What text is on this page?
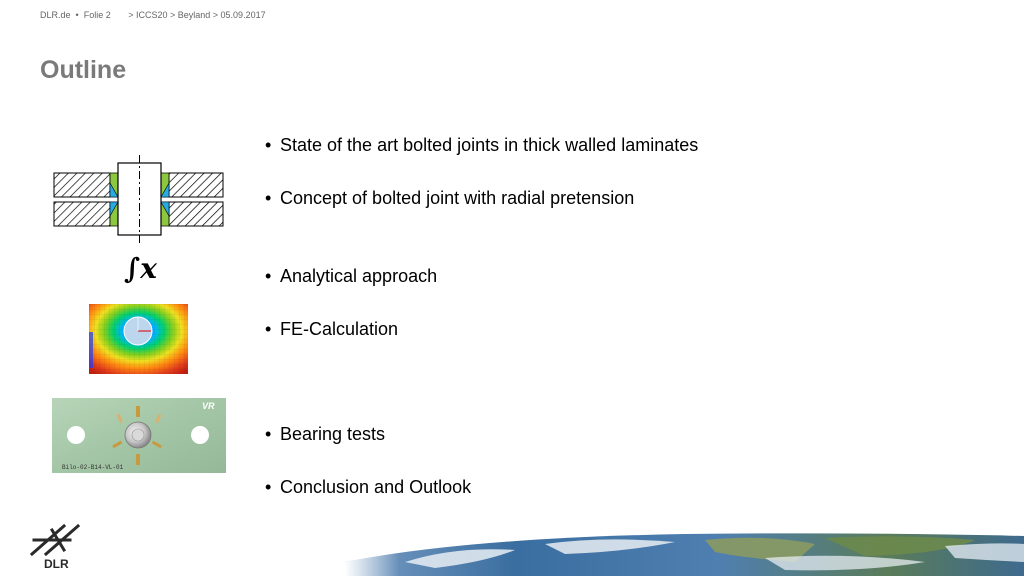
DLR.de • Folie 2 > ICCS20 > Beyland > 05.09.2017
Outline
• State of the art bolted joints in thick walled laminates
• Concept of bolted joint with radial pretension
• Analytical approach
• FE-Calculation
• Bearing tests
• Conclusion and Outlook
∫x
VR
Bilo-02-B14-VL-01
DLR
